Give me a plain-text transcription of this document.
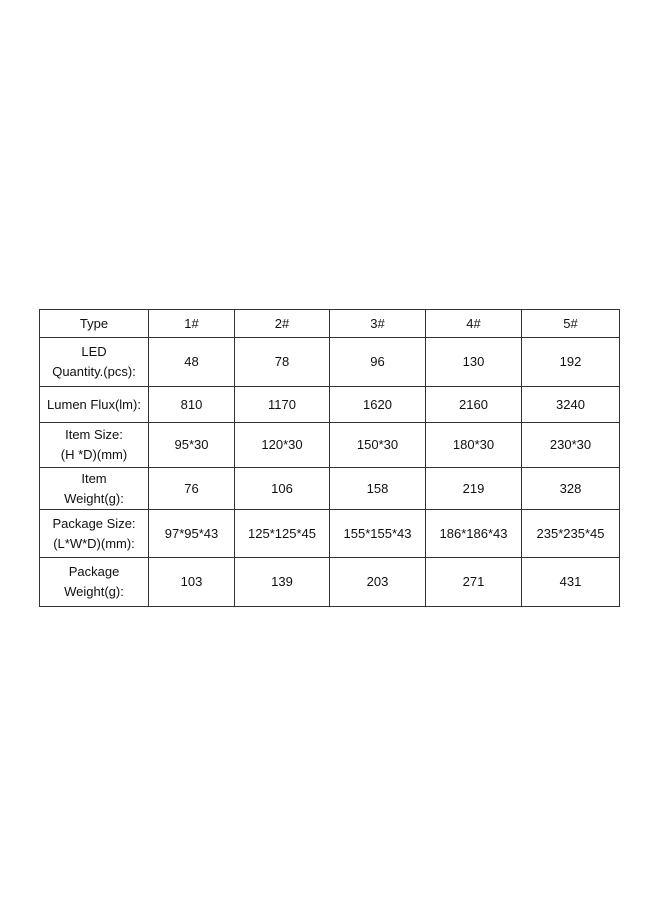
Type	1#	2#	3#	4#	5#

LED
Quantity.(pcs):	48	78	96	130	192
Lumen Flux(lm):	810	1170	1620	2160	3240

Item Size:
(H *D)(mm)	95*30	120*30	150*30	180*30	230*30

Item
Weight(g):	76	106	158	219	328

Package Size:
(L*W*D)(mm):	97*95*43	125*125*45	155*155*43	186*186*43	235*235*45

Package
Weight(g):	103	139	203	271	431
